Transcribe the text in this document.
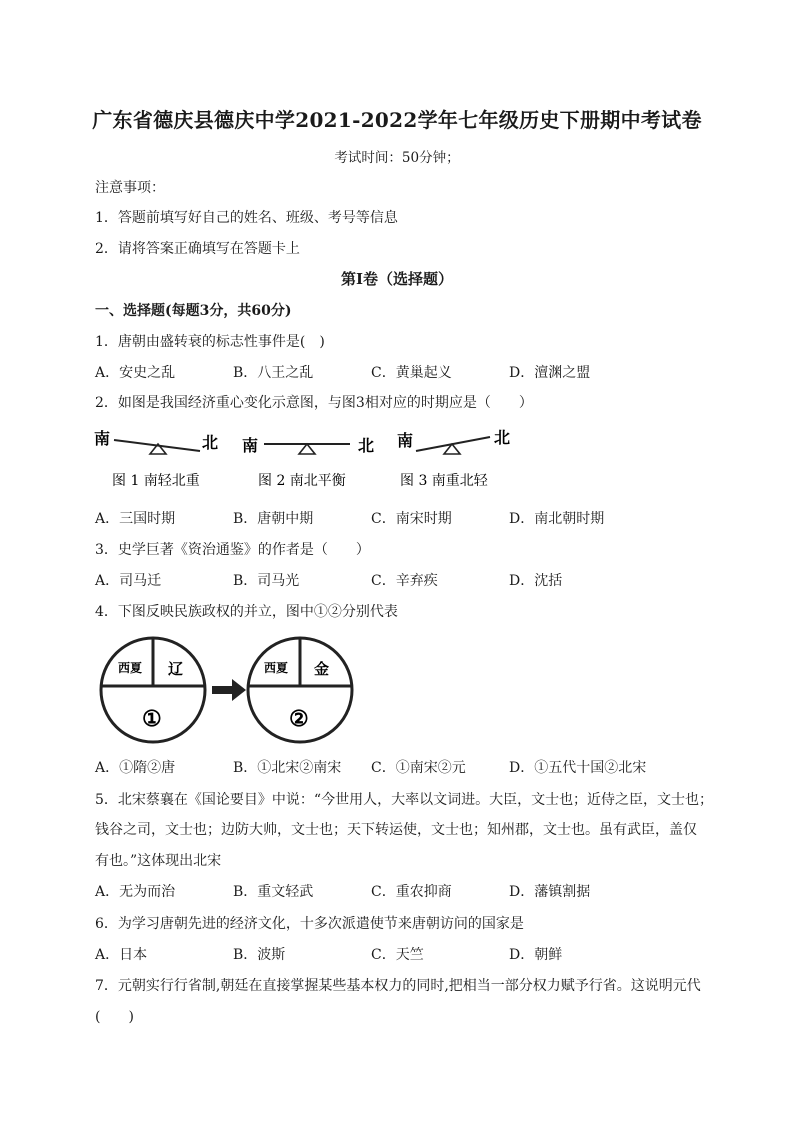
广东省德庆县德庆中学2021-2022学年七年级历史下册期中考试卷
考试时间：50分钟；
注意事项：
1．答题前填写好自己的姓名、班级、考号等信息
2．请将答案正确填写在答题卡上
第I卷（选择题）
一、选择题(每题3分，共60分)
1．唐朝由盛转衰的标志性事件是(　)
A．安史之乱	B．八王之乱	C．黄巢起义	D．澶渊之盟
2．如图是我国经济重心变化示意图，与图3相对应的时期应是（　　）
南	北
图 1 南轻北重
南	北
图 2 南北平衡
南	北
图 3 南重北轻
A．三国时期	B．唐朝中期	C．南宋时期	D．南北朝时期
3．史学巨著《资治通鉴》的作者是（　　）
A．司马迁	B．司马光	C．辛弃疾	D．沈括
4．下图反映民族政权的并立，图中①②分别代表
西夏 辽
①
西夏 金
②
A．①隋②唐	B．①北宋②南宋 C．①南宋②元	D．①五代十国②北宋
5．北宋蔡襄在《国论要目》中说：“今世用人，大率以文词进。大臣，文士也；近侍之臣，文士也；
钱谷之司，文士也；边防大帅，文士也；天下转运使，文士也；知州郡，文士也。虽有武臣，盖仅
有也。”这体现出北宋
A．无为而治	B．重文轻武	C．重农抑商	D．藩镇割据
6．为学习唐朝先进的经济文化，十多次派遣使节来唐朝访问的国家是
A．日本	B．波斯	C．天竺	D．朝鲜
7．元朝实行行省制,朝廷在直接掌握某些基本权力的同时,把相当一部分权力赋予行省。这说明元代
(　　)
